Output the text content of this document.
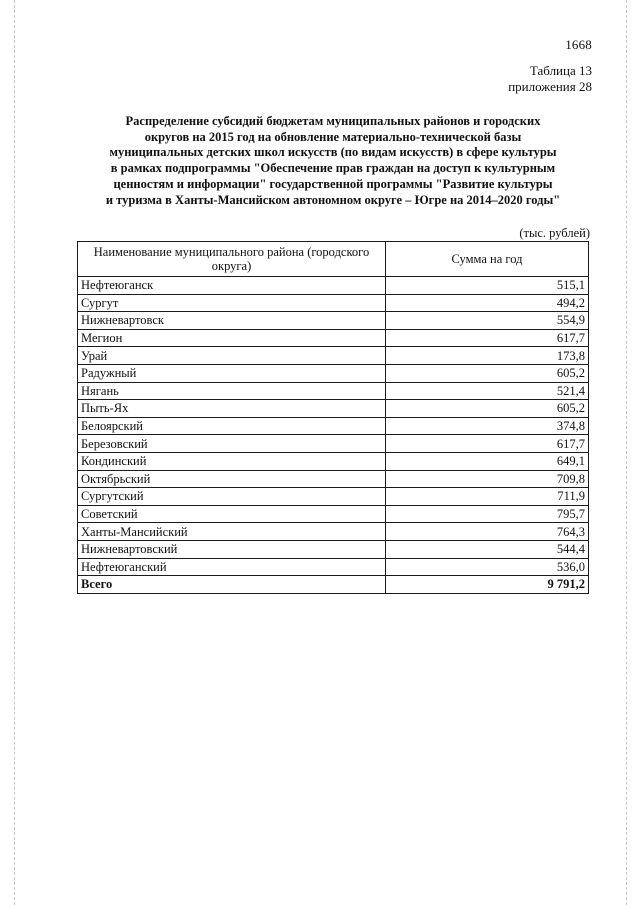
1668
Таблица 13
приложения 28
Распределение субсидий бюджетам муниципальных районов и городских
округов на 2015 год на обновление материально-технической базы
муниципальных детских школ искусств (по видам искусств) в сфере культуры
в рамках подпрограммы "Обеспечение прав граждан на доступ к культурным
ценностям и информации" государственной программы "Развитие культуры
и туризма в Ханты-Мансийском автономном округе – Югре на 2014–2020 годы"
(тыс. рублей)
Наименование муниципального района (городского округа)	Сумма на год
Нефтеюганск	515,1
Сургут	494,2
Нижневартовск	554,9
Мегион	617,7
Урай	173,8
Радужный	605,2
Нягань	521,4
Пыть-Ях	605,2
Белоярский	374,8
Березовский	617,7
Кондинский	649,1
Октябрьский	709,8
Сургутский	711,9
Советский	795,7
Ханты-Мансийский	764,3
Нижневартовский	544,4
Нефтеюганский	536,0
Всего	9 791,2
